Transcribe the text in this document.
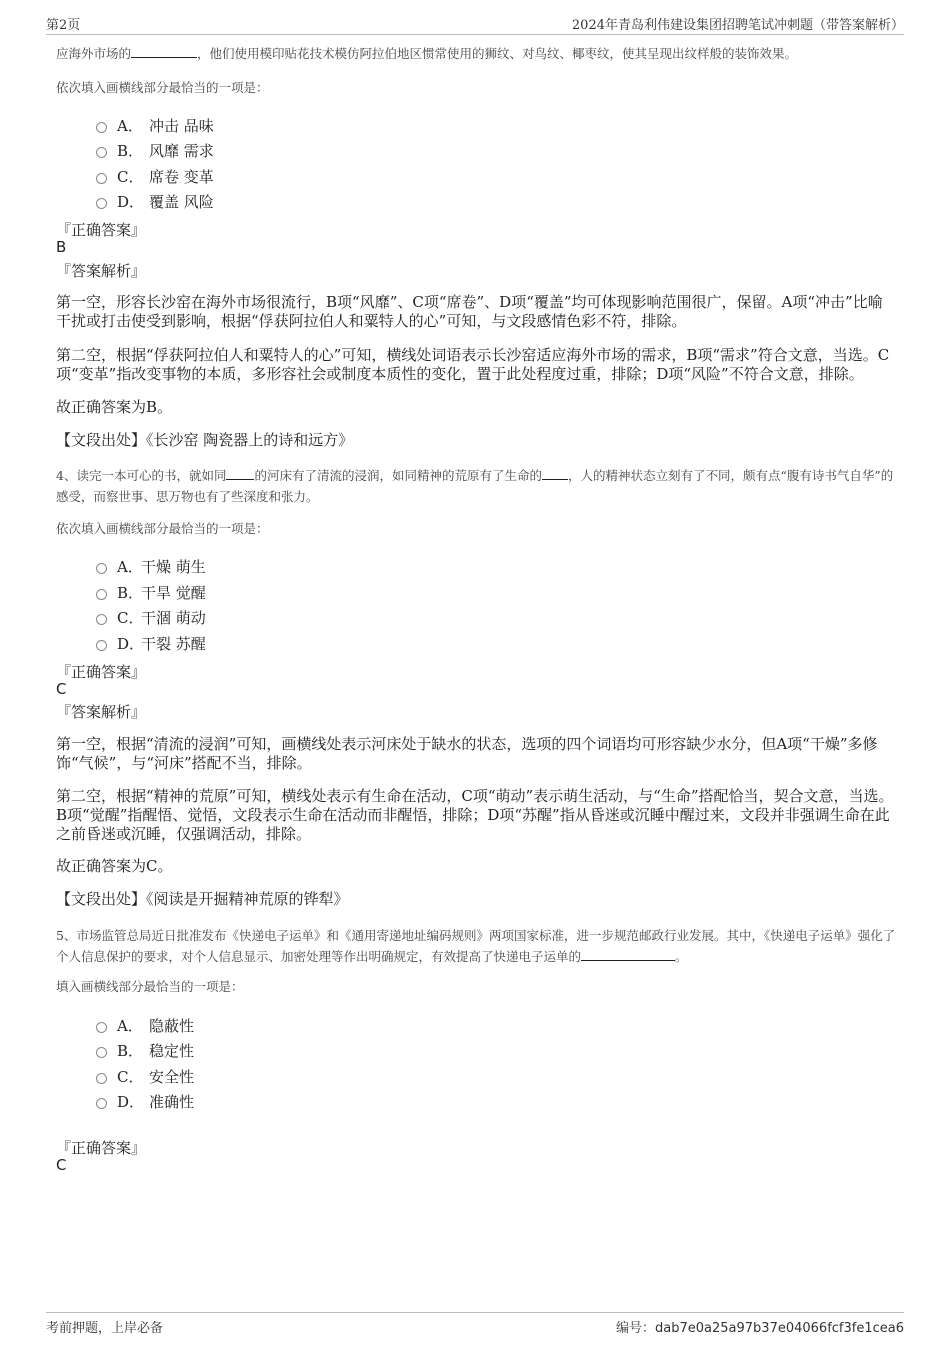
第2页	2024年青岛利伟建设集团招聘笔试冲刺题（带答案解析）
应海外市场的	，他们使用模印贴花技术模仿阿拉伯地区惯常使用的狮纹、对鸟纹、椰枣纹，使其呈现出纹样般的装饰效果。
依次填入画横线部分最恰当的一项是：
A． 冲击 品味
B． 风靡 需求
C． 席卷 变革
D． 覆盖 风险
『正确答案』
B
『答案解析』
第一空，形容长沙窑在海外市场很流行，B项“风靡”、C项“席卷”、D项“覆盖”均可体现影响范围很广，保留。A项“冲击”比喻干扰或打击使受到影响，根据“俘获阿拉伯人和粟特人的心”可知，与文段感情色彩不符，排除。
第二空，根据“俘获阿拉伯人和粟特人的心”可知，横线处词语表示长沙窑适应海外市场的需求，B项“需求”符合文意，当选。C项“变革”指改变事物的本质，多形容社会或制度本质性的变化，置于此处程度过重，排除；D项“风险”不符合文意，排除。
故正确答案为B。
【文段出处】《长沙窑 陶瓷器上的诗和远方》
4、读完一本可心的书，就如同 的河床有了清流的浸润，如同精神的荒原有了生命的 ，人的精神状态立刻有了不同，颇有点“腹有诗书气自华”的感受，而察世事、思万物也有了些深度和张力。
依次填入画横线部分最恰当的一项是：
A．
干燥 萌生
B．
干旱 觉醒
C．
干涸 萌动
D．
干裂 苏醒
『正确答案』
C
『答案解析』
第一空，根据“清流的浸润”可知，画横线处表示河床处于缺水的状态，选项的四个词语均可形容缺少水分，但A项“干燥”多修饰“气候”，与“河床”搭配不当，排除。
第二空，根据“精神的荒原”可知，横线处表示有生命在活动，C项“萌动”表示萌生活动，与“生命”搭配恰当，契合文意，当选。B项“觉醒”指醒悟、觉悟，文段表示生命在活动而非醒悟，排除；D项“苏醒”指从昏迷或沉睡中醒过来，文段并非强调生命在此之前昏迷或沉睡，仅强调活动，排除。
故正确答案为C。
【文段出处】《阅读是开掘精神荒原的铧犁》
5、市场监管总局近日批准发布《快递电子运单》和《通用寄递地址编码规则》两项国家标准，进一步规范邮政行业发展。其中，《快递电子运单》强化了个人信息保护的要求，对个人信息显示、加密处理等作出明确规定，有效提高了快递电子运单的	。
填入画横线部分最恰当的一项是：
A． 隐蔽性
B． 稳定性
C． 安全性
D． 准确性
『正确答案』
C
考前押题，上岸必备	编号：dab7e0a25a97b37e04066fcf3fe1cea6
